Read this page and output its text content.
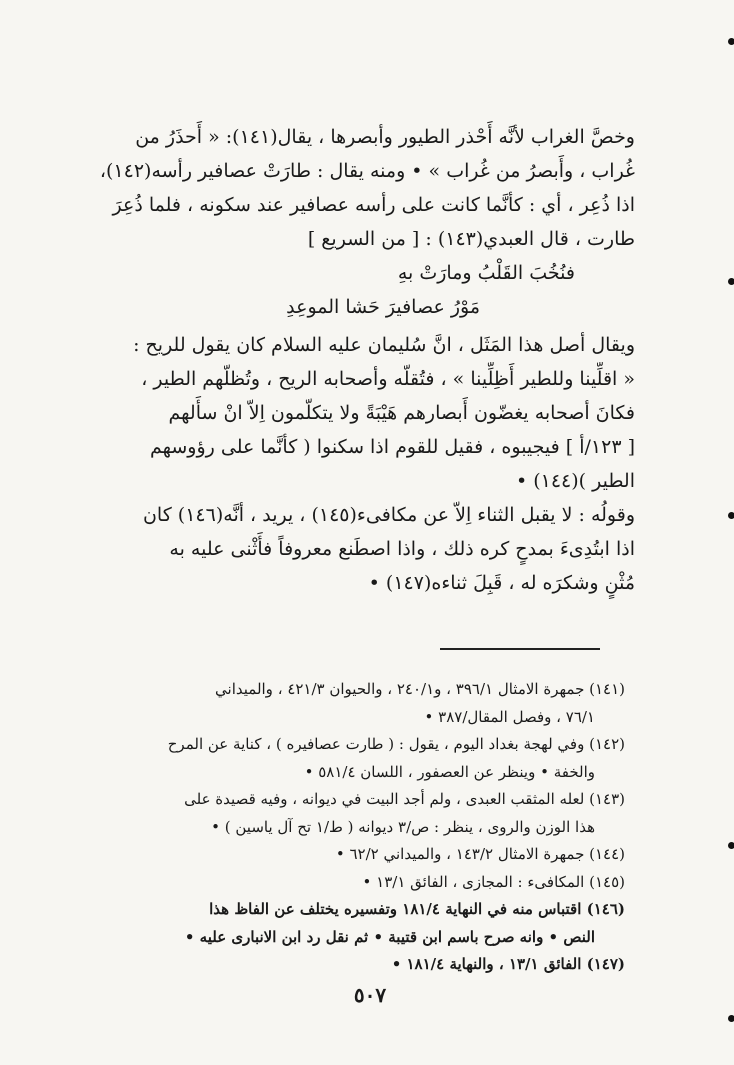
وخصَّ الغراب لأنَّه أَحْذر الطيور وأبصرها ، يقال(١٤١): « أَحذَرُ من
غُراب ، وأَبصرُ من غُراب » • ومنه يقال : طارَتْ عصافير رأسه(١٤٢)،
اذا ذُعِر ، أي : كأنَّما كانت على رأسه عصافير عند سكونه ، فلما ذُعِرَ
طارت ، قال العبدي(١٤٣) : [ من السريع ]
فنُخُبَ القَلْبُ ومارَتْ بهِ
مَوْرُ عصافيرَ حَشا الموعِدِ
ويقال أصل هذا المَثَل ، انَّ سُليمان عليه السلام كان يقول للريح :
« اقلِّينا وللطير أَظِلِّينا » ، فتُقلّه وأصحابه الريح ، وتُظلّهم الطير ،
فكانَ أصحابه يغضّون أَبصارهم هَيْبَةً ولا يتكلّمون اِلاّ انْ سأَلهم
[ ١٢٣/أ ] فيجيبوه ، فقيل للقوم اذا سكنوا ( كأنَّما على رؤوسهم
الطير )(١٤٤) •
وقولُه : لا يقبل الثناء اِلاّ عن مكافىء(١٤٥) ، يريد ، أنَّه(١٤٦) كان
اذا ابتُدِىءَ بمدحٍ كره ذلك ، واذا اصطَنع معروفاً فأَثْنى عليه به
مُثْنٍ وشكرَه له ، قَبِلَ ثناءه(١٤٧) •
(١٤١) جمهرة الامثال ٣٩٦/١ ، و٢٤٠/١ ، والحيوان ٤٢١/٣ ، والميداني
٧٦/١ ، وفصل المقال/٣٨٧ •
(١٤٢) وفي لهجة بغداد اليوم ، يقول : ( طارت عصافيره ) ، كناية عن المرح
والخفة • وينظر عن العصفور ، اللسان ٥٨١/٤ •
(١٤٣) لعله المثقب العبدى ، ولم أجد البيت في ديوانه ، وفيه قصيدة على
هذا الوزن والروى ، ينظر : ص/٣ ديوانه ( ط/١ تح آل ياسين ) •
(١٤٤) جمهرة الامثال ١٤٣/٢ ، والميداني ٦٢/٢ •
(١٤٥) المكافىء : المجازى ، الفائق ١٣/١ •
(١٤٦) اقتباس منه في النهاية ١٨١/٤ وتفسيره يختلف عن الفاظ هذا
النص • وانه صرح باسم ابن قتيبة • ثم نقل رد ابن الانبارى عليه •
(١٤٧) الفائق ١٣/١ ، والنهاية ١٨١/٤ •
٥٠٧
